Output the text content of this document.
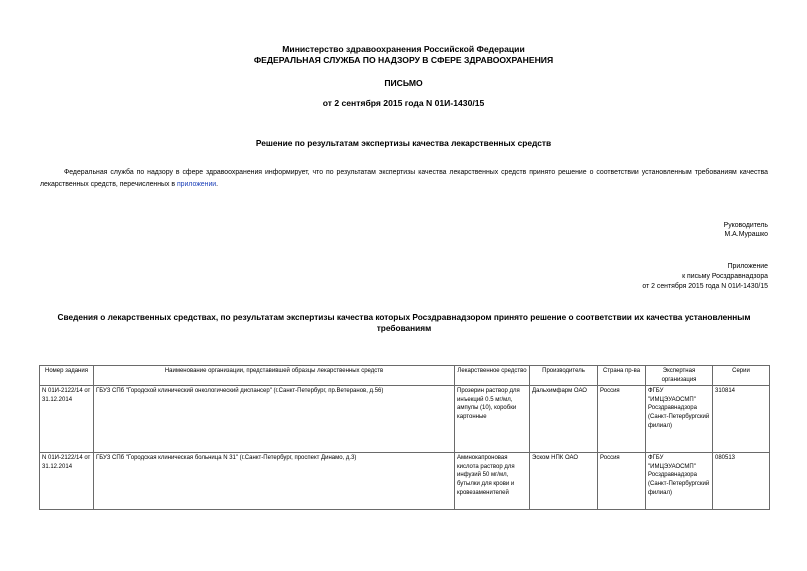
Министерство здравоохранения Российской Федерации
ФЕДЕРАЛЬНАЯ СЛУЖБА ПО НАДЗОРУ В СФЕРЕ ЗДРАВООХРАНЕНИЯ
ПИСЬМО
от 2 сентября 2015 года N 01И-1430/15
Решение по результатам экспертизы качества лекарственных средств
Федеральная служба по надзору в сфере здравоохранения информирует, что по результатам экспертизы качества лекарственных средств принято решение о соответствии установленным требованиям качества лекарственных средств, перечисленных в приложении.
Руководитель
М.А.Мурашко
Приложение
к письму Росздравнадзора
от 2 сентября 2015 года N 01И-1430/15
Сведения о лекарственных средствах, по результатам экспертизы качества которых Росздравнадзором принято решение о соответствии их качества установленным требованиям
Номер задания	Наименование организации, представившей образцы лекарственных средств	Лекарственное средство	Производитель	Страна пр-ва	Экспертная организация	Серии
N 01И-2122/14 от 31.12.2014	ГБУЗ СПб "Городской клинический онкологический диспансер" (г.Санкт-Петербург, пр.Ветеранов, д.56)	Прозерин раствор для инъекций 0.5 мг/мл, ампулы (10), коробки картонные	Дальхимфарм ОАО	Россия	ФГБУ "ИМЦЭУАОСМП" Росздравнадзора (Санкт-Петербургский филиал)	310814
N 01И-2122/14 от 31.12.2014	ГБУЗ СПб "Городская клиническая больница N 31" (г.Санкт-Петербург, проспект Динамо, д.3)	Аминокапроновая кислота раствор для инфузий 50 мг/мл, бутылки для крови и кровезаменителей	Эском НПК ОАО	Россия	ФГБУ "ИМЦЭУАОСМП" Росздравнадзора (Санкт-Петербургский филиал)	080513
